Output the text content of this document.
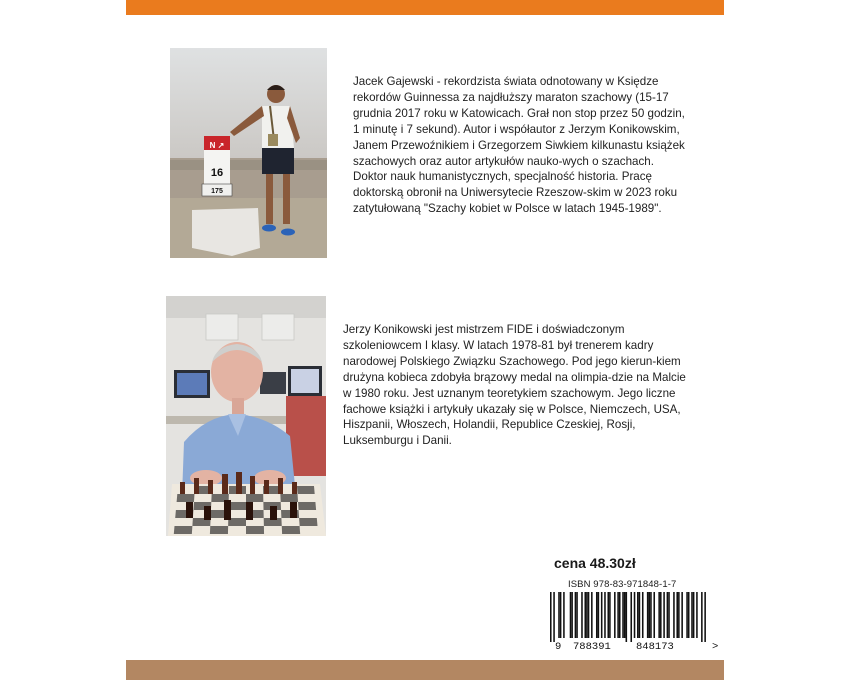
N ↗
16
175
Jacek Gajewski - rekordzista świata odnotowany w Księdze rekordów Guinnessa za najdłuższy maraton szachowy (15-17 grudnia 2017 roku w Katowicach. Grał non stop przez 50 godzin, 1 minutę i 7 sekund). Autor i współautor z Jerzym Konikowskim, Janem Przewoźnikiem i Grzegorzem Siwkiem kilkunastu książek szachowych oraz autor artykułów nauko-wych o szachach. Doktor nauk humanistycznych, specjalność historia. Pracę doktorską obronił na Uniwersytecie Rzeszow-skim w 2023 roku zatytułowaną "Szachy kobiet w Polsce w latach 1945-1989".
Jerzy Konikowski jest mistrzem FIDE i doświadczonym szkoleniowcem I klasy. W latach 1978-81 był trenerem kadry narodowej Polskiego Związku Szachowego. Pod jego kierun-kiem drużyna kobieca zdobyła brązowy medal na olimpia-dzie na Malcie w 1980 roku. Jest uznanym teoretykiem szachowym. Jego liczne fachowe książki i artykuły ukazały się w Polsce, Niemczech, USA, Hiszpanii, Włoszech, Holandii, Republice Czeskiej, Rosji, Luksemburgu i Danii.
cena 48.30zł
ISBN 978-83-971848-1-7
9 788391 848173	>
